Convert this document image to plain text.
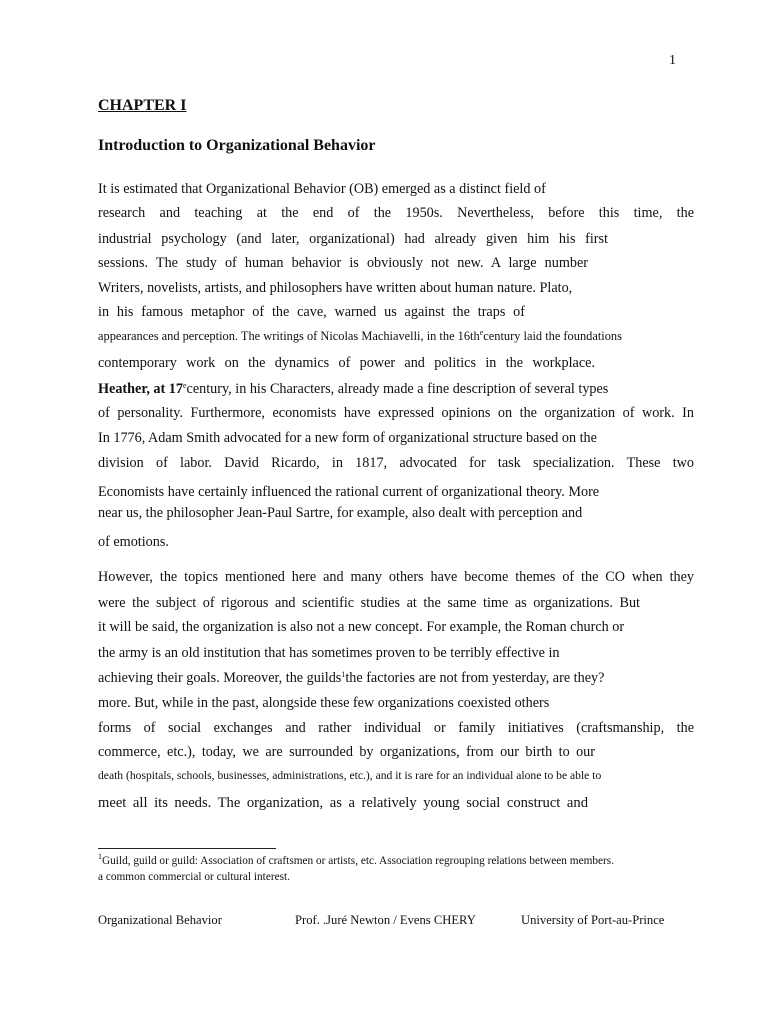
1
CHAPTER I
Introduction to Organizational Behavior
It is estimated that Organizational Behavior (OB) emerged as a distinct field of
research and teaching at the end of the 1950s. Nevertheless, before this time, the
industrial psychology (and later, organizational) had already given him his first
sessions. The study of human behavior is obviously not new. A large number
Writers, novelists, artists, and philosophers have written about human nature. Plato,
in his famous metaphor of the cave, warned us against the traps of
appearances and perception. The writings of Nicolas Machiavelli, in the $16th^ecentury$ laid the foundations
contemporary work on the dynamics of power and politics in the workplace.
Heather, at 17ecentury, in his Characters, already made a fine description of several types
of personality. Furthermore, economists have expressed opinions on the organization of work. In
In 1776, Adam Smith advocated for a new form of organizational structure based on the
division of labor. David Ricardo, in 1817, advocated for task specialization. These two
Economists have certainly influenced the rational current of organizational theory. More
near us, the philosopher Jean-Paul Sartre, for example, also dealt with perception and
of emotions.
However, the topics mentioned here and many others have become themes of the CO when they
were the subject of rigorous and scientific studies at the same time as organizations. But
it will be said, the organization is also not a new concept. For example, the Roman church or
the army is an old institution that has sometimes proven to be terribly effective in
achieving their goals. Moreover, the guilds$^1$the factories are not from yesterday, are they?
more. But, while in the past, alongside these few organizations coexisted others
forms of social exchanges and rather individual or family initiatives (craftsmanship, the
commerce, etc.), today, we are surrounded by organizations, from our birth to our
death (hospitals, schools, businesses, administrations, etc.), and it is rare for an individual alone to be able to
meet all its needs. The organization, as a relatively young social construct and
$^1$Guild, guild or guild: Association of craftsmen or artists, etc. Association regrouping relations between members.
a common commercial or cultural interest.
Organizational Behavior	Prof. .Juré Newton / Evens CHERY	University of Port-au-Prince
